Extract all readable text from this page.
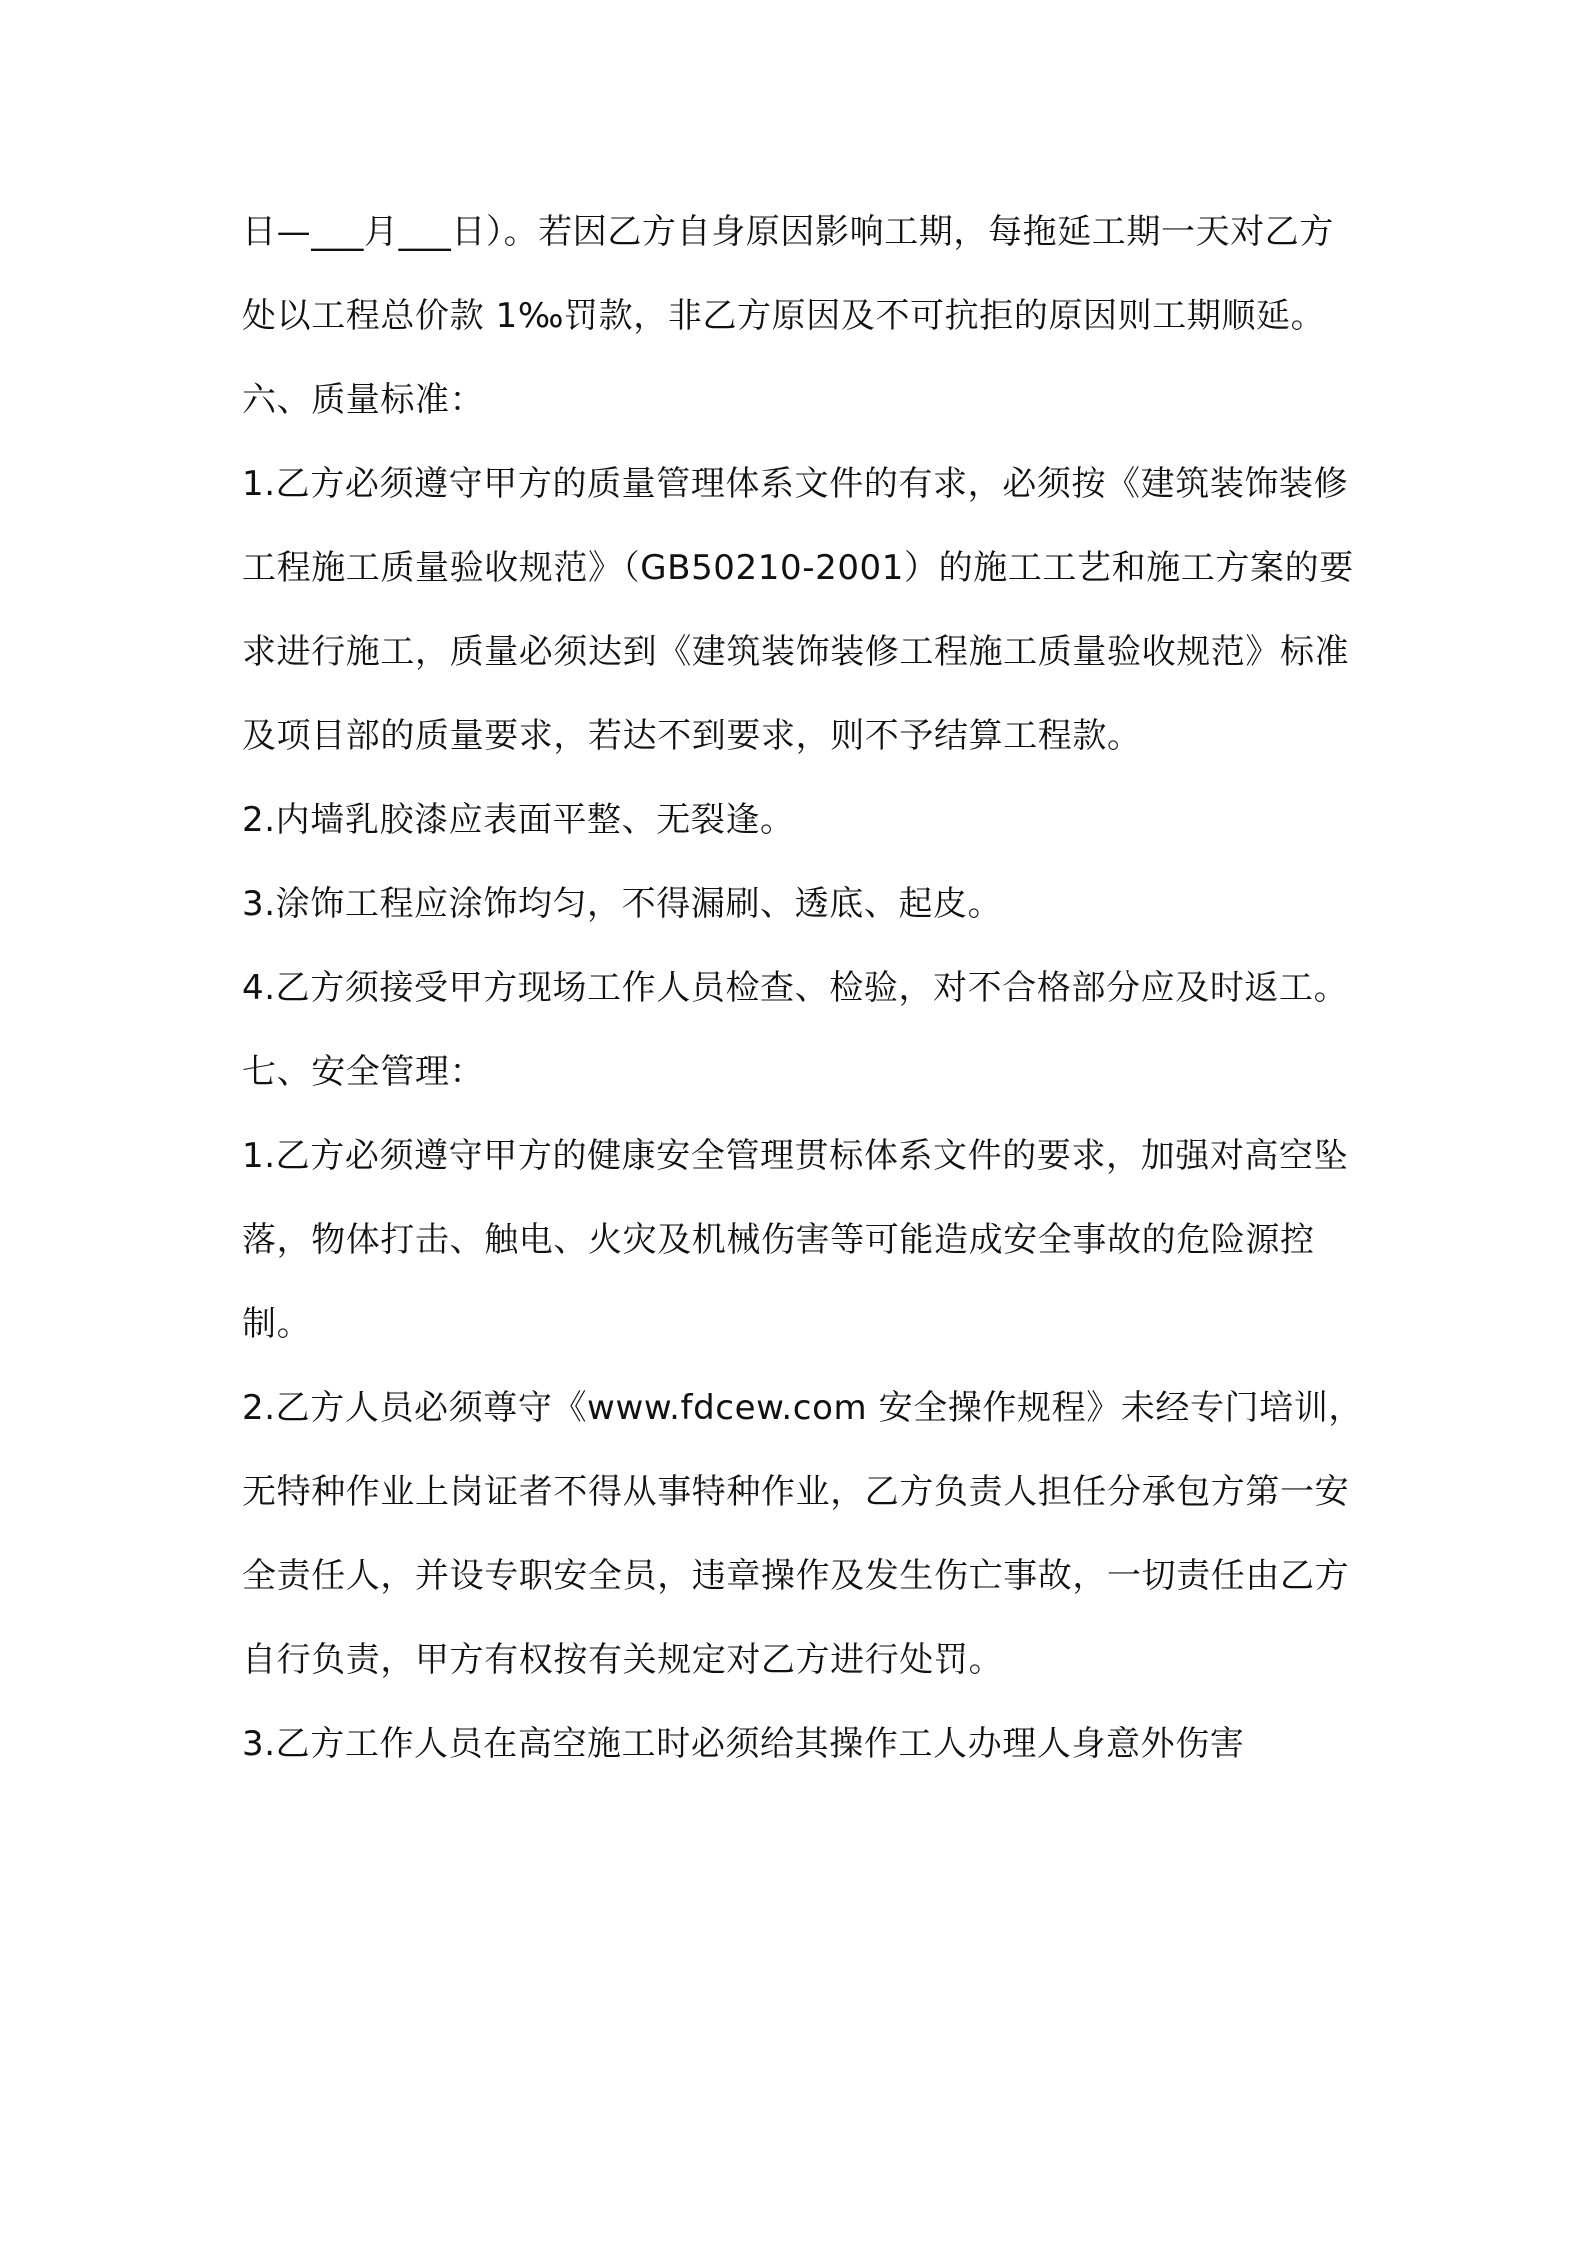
日—___月___日）。若因乙方自身原因影响工期，每拖延工期一天对乙方处以工程总价款 1‰罚款，非乙方原因及不可抗拒的原因则工期顺延。

六、质量标准：

1.乙方必须遵守甲方的质量管理体系文件的有求，必须按《建筑装饰装修工程施工质量验收规范》（GB50210-2001）的施工工艺和施工方案的要求进行施工，质量必须达到《建筑装饰装修工程施工质量验收规范》标准及项目部的质量要求，若达不到要求，则不予结算工程款。

2.内墙乳胶漆应表面平整、无裂逢。

3.涂饰工程应涂饰均匀，不得漏刷、透底、起皮。

4.乙方须接受甲方现场工作人员检查、检验，对不合格部分应及时返工。

七、安全管理：

1.乙方必须遵守甲方的健康安全管理贯标体系文件的要求，加强对高空坠落，物体打击、触电、火灾及机械伤害等可能造成安全事故的危险源控制。

2.乙方人员必须尊守《www.fdcew.com 安全操作规程》未经专门培训，无特种作业上岗证者不得从事特种作业，乙方负责人担任分承包方第一安全责任人，并设专职安全员，违章操作及发生伤亡事故，一切责任由乙方自行负责，甲方有权按有关规定对乙方进行处罚。

3.乙方工作人员在高空施工时必须给其操作工人办理人身意外伤害
